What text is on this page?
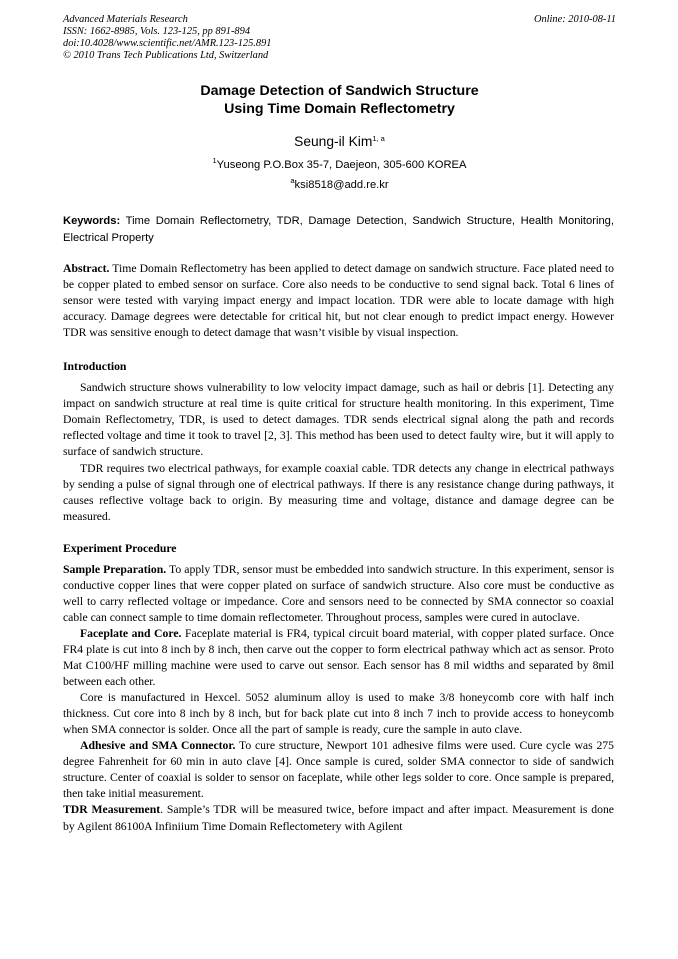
Advanced Materials Research
ISSN: 1662-8985, Vols. 123-125, pp 891-894
doi:10.4028/www.scientific.net/AMR.123-125.891
© 2010 Trans Tech Publications Ltd, Switzerland
Online: 2010-08-11
Damage Detection of Sandwich Structure
Using Time Domain Reflectometry
Seung-il Kim$^{1, a}$
$^1$Yuseong P.O.Box 35-7, Daejeon, 305-600 KOREA
$^a$ksi8518@add.re.kr
Keywords: Time Domain Reflectometry, TDR, Damage Detection, Sandwich Structure, Health Monitoring, Electrical Property

Abstract. Time Domain Reflectometry has been applied to detect damage on sandwich structure. Face plated need to be copper plated to embed sensor on surface. Core also needs to be conductive to send signal back. Total 6 lines of sensor were tested with varying impact energy and impact location. TDR were able to locate damage with high accuracy. Damage degrees were detectable for critical hit, but not clear enough to predict impact energy. However TDR was sensitive enough to detect damage that wasn’t visible by visual inspection.

Introduction

Sandwich structure shows vulnerability to low velocity impact damage, such as hail or debris [1]. Detecting any impact on sandwich structure at real time is quite critical for structure health monitoring. In this experiment, Time Domain Reflectometry, TDR, is used to detect damages. TDR sends electrical signal along the path and records reflected voltage and time it took to travel [2, 3]. This method has been used to detect faulty wire, but it will apply to surface of sandwich structure.

TDR requires two electrical pathways, for example coaxial cable. TDR detects any change in electrical pathways by sending a pulse of signal through one of electrical pathways. If there is any resistance change during pathways, it causes reflective voltage back to origin. By measuring time and voltage, distance and damage degree can be measured.

Experiment Procedure

Sample Preparation. To apply TDR, sensor must be embedded into sandwich structure. In this experiment, sensor is conductive copper lines that were copper plated on surface of sandwich structure. Also core must be conductive as well to carry reflected voltage or impedance. Core and sensors need to be connected by SMA connector so coaxial cable can connect sample to time domain reflectometer. Throughout process, samples were cured in autoclave.

Faceplate and Core. Faceplate material is FR4, typical circuit board material, with copper plated surface. Once FR4 plate is cut into 8 inch by 8 inch, then carve out the copper to form electrical pathway which act as sensor. Proto Mat C100/HF milling machine were used to carve out sensor. Each sensor has 8 mil widths and separated by 8mil between each other.

Core is manufactured in Hexcel. 5052 aluminum alloy is used to make 3/8 honeycomb core with half inch thickness. Cut core into 8 inch by 8 inch, but for back plate cut into 8 inch 7 inch to provide access to honeycomb when SMA connector is solder. Once all the part of sample is ready, cure the sample in auto clave.

Adhesive and SMA Connector. To cure structure, Newport 101 adhesive films were used. Cure cycle was 275 degree Fahrenheit for 60 min in auto clave [4]. Once sample is cured, solder SMA connector to side of sandwich structure. Center of coaxial is solder to sensor on faceplate, while other legs solder to core. Once sample is prepared, then take initial measurement.

TDR Measurement. Sample’s TDR will be measured twice, before impact and after impact. Measurement is done by Agilent 86100A Infiniium Time Domain Reflectometery with Agilent
